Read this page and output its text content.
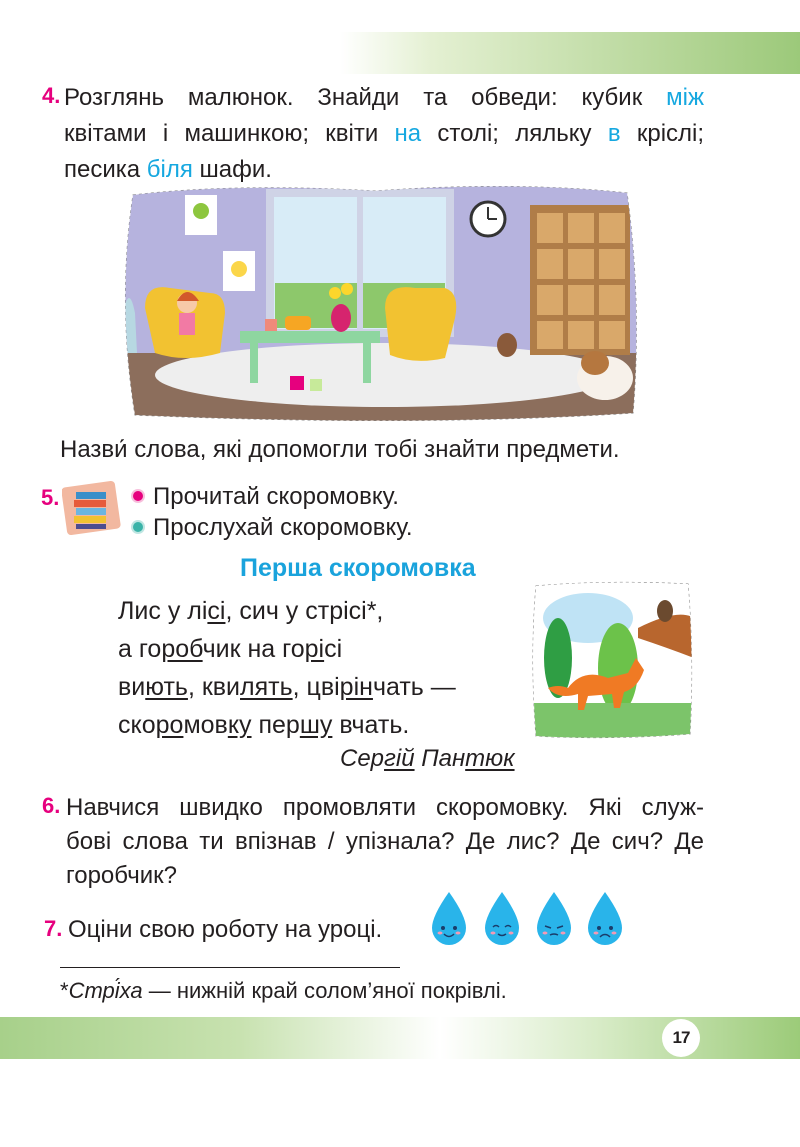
17
4. Розглянь малюнок. Знайди та обведи: кубик між
квітами і машинкою; квіти на столі; ляльку в кріслі;
песика біля шафи.
Назви́ слова, які допомогли тобі знайти предмети.
5.	Прочитай скоромовку.
Прослухай скоромовку.
Перша скоромовка
Лис у лісі, сич у стрісі*,
а горобчик на горісі
виють, квилять, цвірінчать —
скоромовку першу вчать.
Сергій Пантюк
6. Навчися швидко промовляти скоромовку. Які служ-
бові слова ти впізнав / упізнала? Де лис? Де сич? Де
горобчик?
7. Оціни свою роботу на уроці.
*Стрі́ха — нижній край солом’яної покрівлі.
